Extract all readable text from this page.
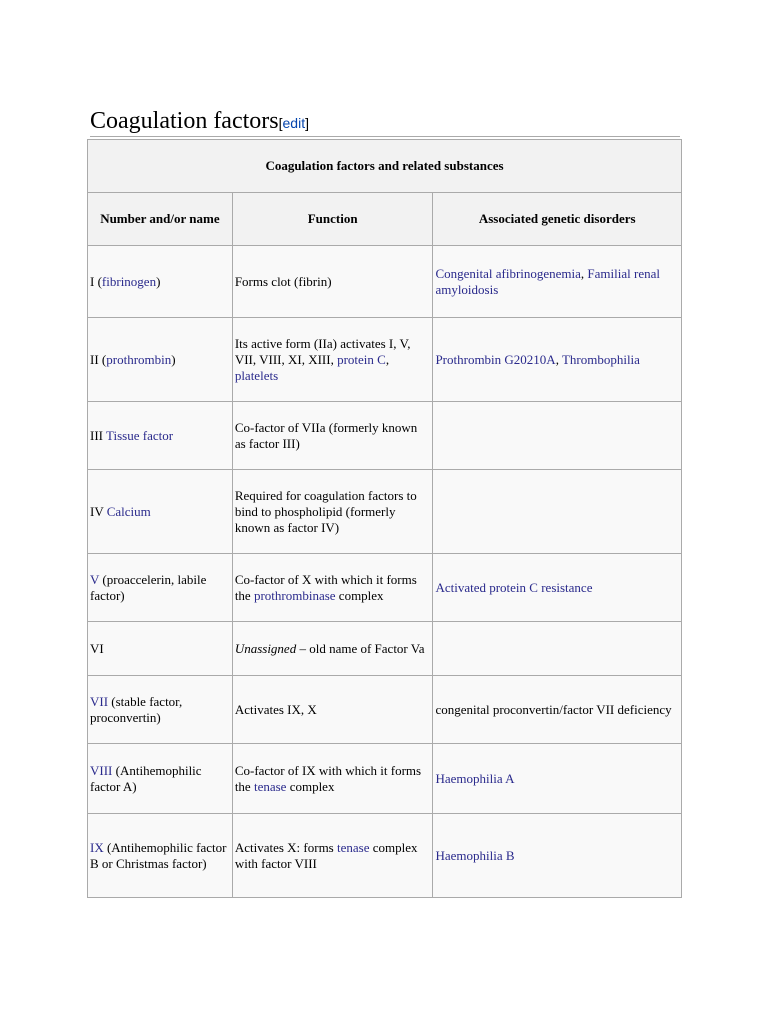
Coagulation factors[edit]
Coagulation factors and related substances		
Number and/or name	Function	Associated genetic disorders
I (fibrinogen)	Forms clot (fibrin)	Congenital afibrinogenemia, Familial renal amyloidosis
II (prothrombin)	Its active form (IIa) activates I, V, VII, VIII, XI, XIII, protein C, platelets	Prothrombin G20210A, Thrombophilia
III Tissue factor	Co-factor of VIIa (formerly known as factor III)	
IV Calcium	Required for coagulation factors to bind to phospholipid (formerly known as factor IV)	
V (proaccelerin, labile factor)	Co-factor of X with which it forms the prothrombinase complex	Activated protein C resistance
VI	Unassigned – old name of Factor Va	
VII (stable factor, proconvertin)	Activates IX, X	congenital proconvertin/factor VII deficiency
VIII (Antihemophilic factor A)	Co-factor of IX with which it forms the tenase complex	Haemophilia A
IX (Antihemophilic factor B or Christmas factor)	Activates X: forms tenase complex with factor VIII	Haemophilia B
